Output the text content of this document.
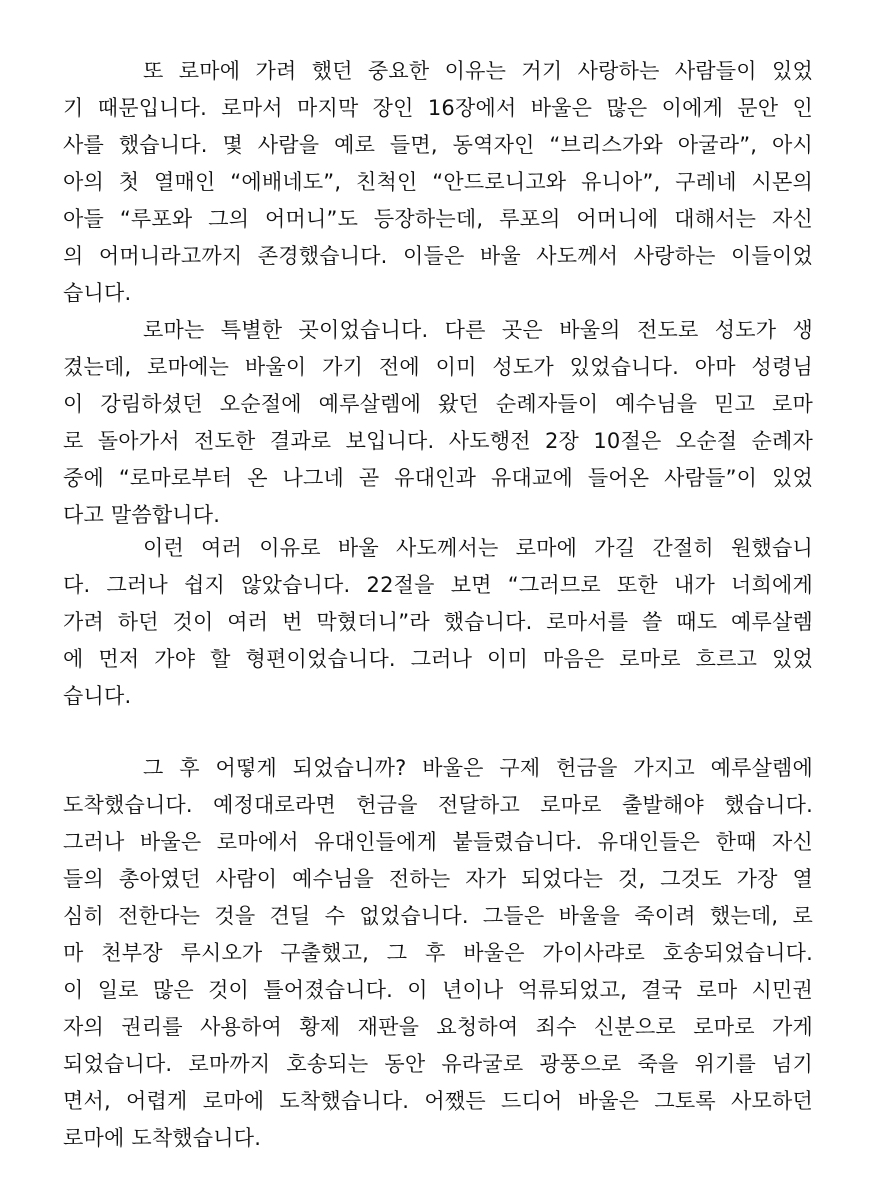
또 로마에 가려 했던 중요한 이유는 거기 사랑하는 사람들이 있었
기 때문입니다. 로마서 마지막 장인 16장에서 바울은 많은 이에게 문안 인
사를 했습니다. 몇 사람을 예로 들면, 동역자인 “브리스가와 아굴라”, 아시
아의 첫 열매인 “에배네도”, 친척인 “안드로니고와 유니아”, 구레네 시몬의
아들 “루포와 그의 어머니”도 등장하는데, 루포의 어머니에 대해서는 자신
의 어머니라고까지 존경했습니다. 이들은 바울 사도께서 사랑하는 이들이었
습니다.
로마는 특별한 곳이었습니다. 다른 곳은 바울의 전도로 성도가 생
겼는데, 로마에는 바울이 가기 전에 이미 성도가 있었습니다. 아마 성령님
이 강림하셨던 오순절에 예루살렘에 왔던 순례자들이 예수님을 믿고 로마
로 돌아가서 전도한 결과로 보입니다. 사도행전 2장 10절은 오순절 순례자
중에 “로마로부터 온 나그네 곧 유대인과 유대교에 들어온 사람들”이 있었
다고 말씀합니다.
이런 여러 이유로 바울 사도께서는 로마에 가길 간절히 원했습니
다. 그러나 쉽지 않았습니다. 22절을 보면 “그러므로 또한 내가 너희에게
가려 하던 것이 여러 번 막혔더니”라 했습니다. 로마서를 쓸 때도 예루살렘
에 먼저 가야 할 형편이었습니다. 그러나 이미 마음은 로마로 흐르고 있었
습니다.
그 후 어떻게 되었습니까? 바울은 구제 헌금을 가지고 예루살렘에
도착했습니다. 예정대로라면 헌금을 전달하고 로마로 출발해야 했습니다.
그러나 바울은 로마에서 유대인들에게 붙들렸습니다. 유대인들은 한때 자신
들의 총아였던 사람이 예수님을 전하는 자가 되었다는 것, 그것도 가장 열
심히 전한다는 것을 견딜 수 없었습니다. 그들은 바울을 죽이려 했는데, 로
마 천부장 루시오가 구출했고, 그 후 바울은 가이사랴로 호송되었습니다.
이 일로 많은 것이 틀어졌습니다. 이 년이나 억류되었고, 결국 로마 시민권
자의 권리를 사용하여 황제 재판을 요청하여 죄수 신분으로 로마로 가게
되었습니다. 로마까지 호송되는 동안 유라굴로 광풍으로 죽을 위기를 넘기
면서, 어렵게 로마에 도착했습니다. 어쨌든 드디어 바울은 그토록 사모하던
로마에 도착했습니다.
